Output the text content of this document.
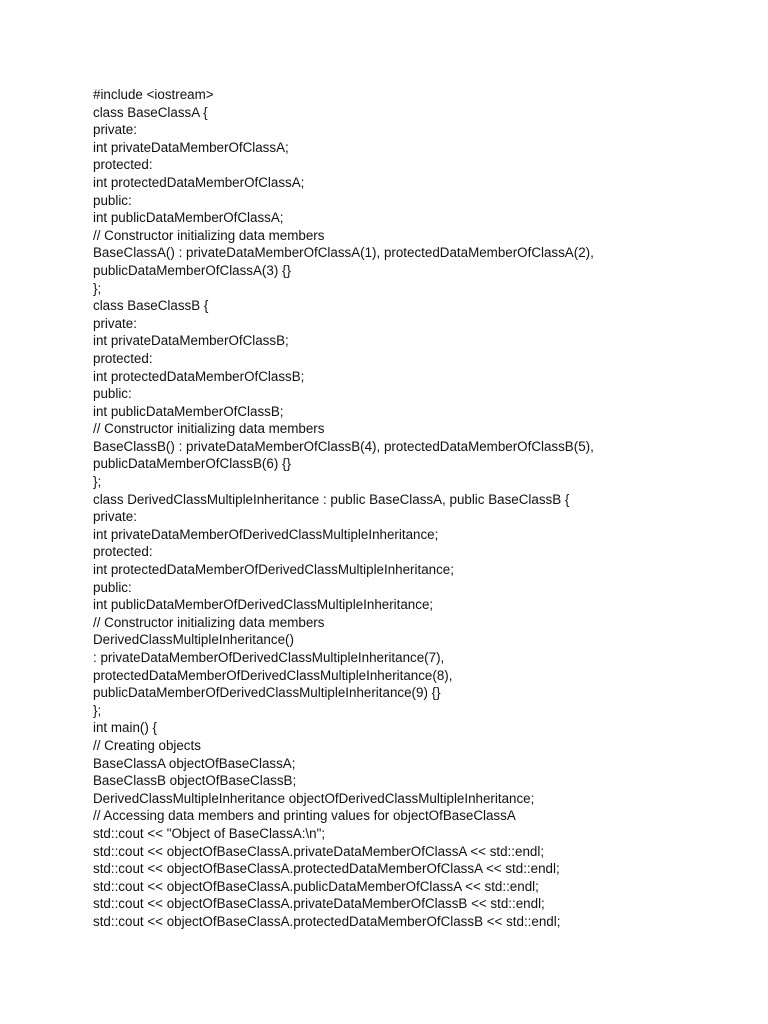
#include <iostream>
class BaseClassA {
private:
int privateDataMemberOfClassA;
protected:
int protectedDataMemberOfClassA;
public:
int publicDataMemberOfClassA;
// Constructor initializing data members
BaseClassA() : privateDataMemberOfClassA(1), protectedDataMemberOfClassA(2),
publicDataMemberOfClassA(3) {}
};
class BaseClassB {
private:
int privateDataMemberOfClassB;
protected:
int protectedDataMemberOfClassB;
public:
int publicDataMemberOfClassB;
// Constructor initializing data members
BaseClassB() : privateDataMemberOfClassB(4), protectedDataMemberOfClassB(5),
publicDataMemberOfClassB(6) {}
};
class DerivedClassMultipleInheritance : public BaseClassA, public BaseClassB {
private:
int privateDataMemberOfDerivedClassMultipleInheritance;
protected:
int protectedDataMemberOfDerivedClassMultipleInheritance;
public:
int publicDataMemberOfDerivedClassMultipleInheritance;
// Constructor initializing data members
DerivedClassMultipleInheritance()
: privateDataMemberOfDerivedClassMultipleInheritance(7),
protectedDataMemberOfDerivedClassMultipleInheritance(8),
publicDataMemberOfDerivedClassMultipleInheritance(9) {}
};
int main() {
// Creating objects
BaseClassA objectOfBaseClassA;
BaseClassB objectOfBaseClassB;
DerivedClassMultipleInheritance objectOfDerivedClassMultipleInheritance;
// Accessing data members and printing values for objectOfBaseClassA
std::cout << "Object of BaseClassA:\n";
std::cout << objectOfBaseClassA.privateDataMemberOfClassA << std::endl;
std::cout << objectOfBaseClassA.protectedDataMemberOfClassA << std::endl;
std::cout << objectOfBaseClassA.publicDataMemberOfClassA << std::endl;
std::cout << objectOfBaseClassA.privateDataMemberOfClassB << std::endl;
std::cout << objectOfBaseClassA.protectedDataMemberOfClassB << std::endl;
